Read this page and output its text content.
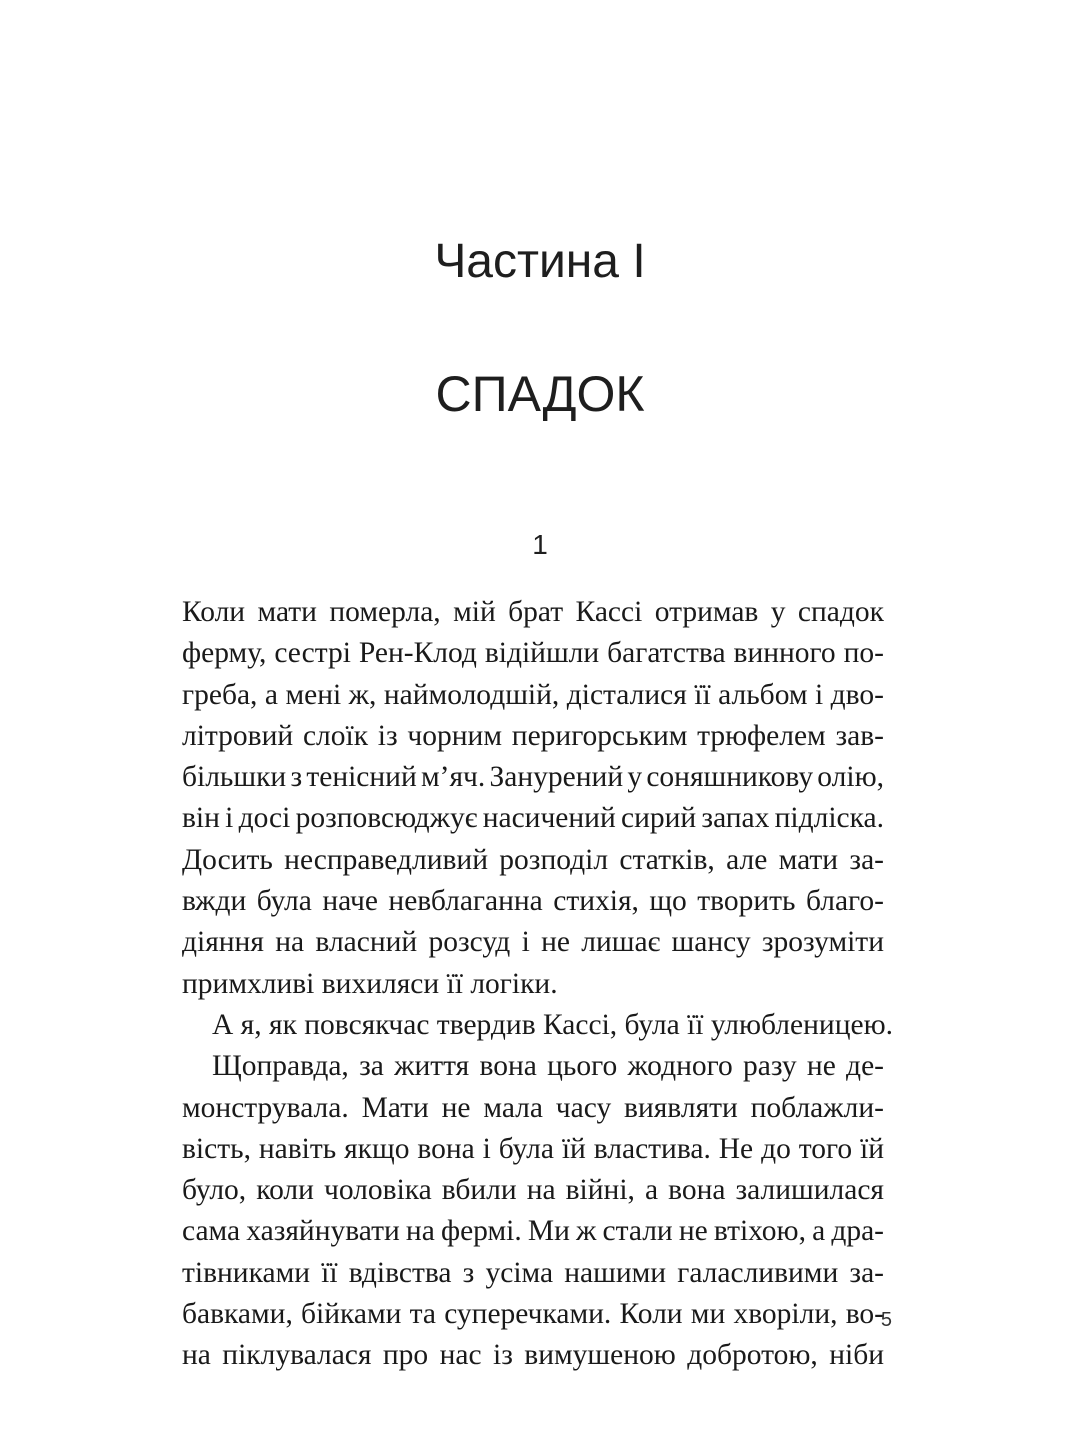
Частина І
СПАДОК
1
Коли мати померла, мій брат Кассі отримав у спадок
ферму, сестрі Рен-Клод відійшли багатства винного по-
греба, а мені ж, наймолодшій, дісталися її альбом і дво-
літровий слоїк із чорним перигорським трюфелем зав-
більшки з тенісний м’яч. Занурений у соняшникову олію,
він і досі розповсюджує насичений сирий запах підліска.
Досить несправедливий розподіл статків, але мати за-
вжди була наче невблаганна стихія, що творить благо-
діяння на власний розсуд і не лишає шансу зрозуміти
примхливі вихиляси її логіки.
А я, як повсякчас твердив Кассі, була її улюбленицею.
Щоправда, за життя вона цього жодного разу не де-
монструвала. Мати не мала часу виявляти поблажли-
вість, навіть якщо вона і була їй властива. Не до того їй
було, коли чоловіка вбили на війні, а вона залишилася
сама хазяйнувати на фермі. Ми ж стали не втіхою, а дра-
тівниками її вдівства з усіма нашими галасливими за-
бавками, бійками та суперечками. Коли ми хворіли, во-
на піклувалася про нас із вимушеною добротою, ніби
5
